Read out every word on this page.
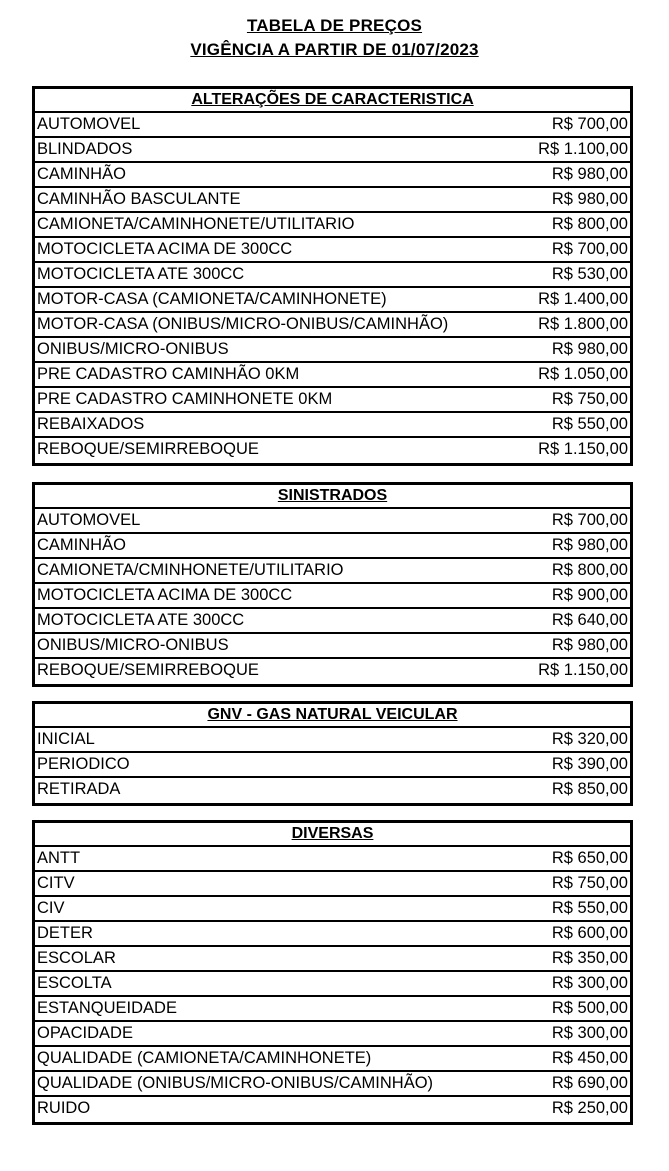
TABELA DE PREÇOS
VIGÊNCIA A PARTIR DE 01/07/2023
ALTERAÇÕES DE CARACTERISTICA
AUTOMOVEL	R$ 700,00
BLINDADOS	R$ 1.100,00
CAMINHÃO	R$ 980,00
CAMINHÃO BASCULANTE	R$ 980,00
CAMIONETA/CAMINHONETE/UTILITARIO	R$ 800,00
MOTOCICLETA ACIMA DE 300CC	R$ 700,00
MOTOCICLETA ATE 300CC	R$ 530,00
MOTOR-CASA (CAMIONETA/CAMINHONETE)	R$ 1.400,00
MOTOR-CASA (ONIBUS/MICRO-ONIBUS/CAMINHÃO)	R$ 1.800,00
ONIBUS/MICRO-ONIBUS	R$ 980,00
PRE CADASTRO CAMINHÃO 0KM	R$ 1.050,00
PRE CADASTRO CAMINHONETE 0KM	R$ 750,00
REBAIXADOS	R$ 550,00
REBOQUE/SEMIRREBOQUE	R$ 1.150,00
SINISTRADOS
AUTOMOVEL	R$ 700,00
CAMINHÃO	R$ 980,00
CAMIONETA/CMINHONETE/UTILITARIO	R$ 800,00
MOTOCICLETA ACIMA DE 300CC	R$ 900,00
MOTOCICLETA ATE 300CC	R$ 640,00
ONIBUS/MICRO-ONIBUS	R$ 980,00
REBOQUE/SEMIRREBOQUE	R$ 1.150,00
GNV - GAS NATURAL VEICULAR
INICIAL	R$ 320,00
PERIODICO	R$ 390,00
RETIRADA	R$ 850,00
DIVERSAS
ANTT	R$ 650,00
CITV	R$ 750,00
CIV	R$ 550,00
DETER	R$ 600,00
ESCOLAR	R$ 350,00
ESCOLTA	R$ 300,00
ESTANQUEIDADE	R$ 500,00
OPACIDADE	R$ 300,00
QUALIDADE (CAMIONETA/CAMINHONETE)	R$ 450,00
QUALIDADE (ONIBUS/MICRO-ONIBUS/CAMINHÃO)	R$ 690,00
RUIDO	R$ 250,00
